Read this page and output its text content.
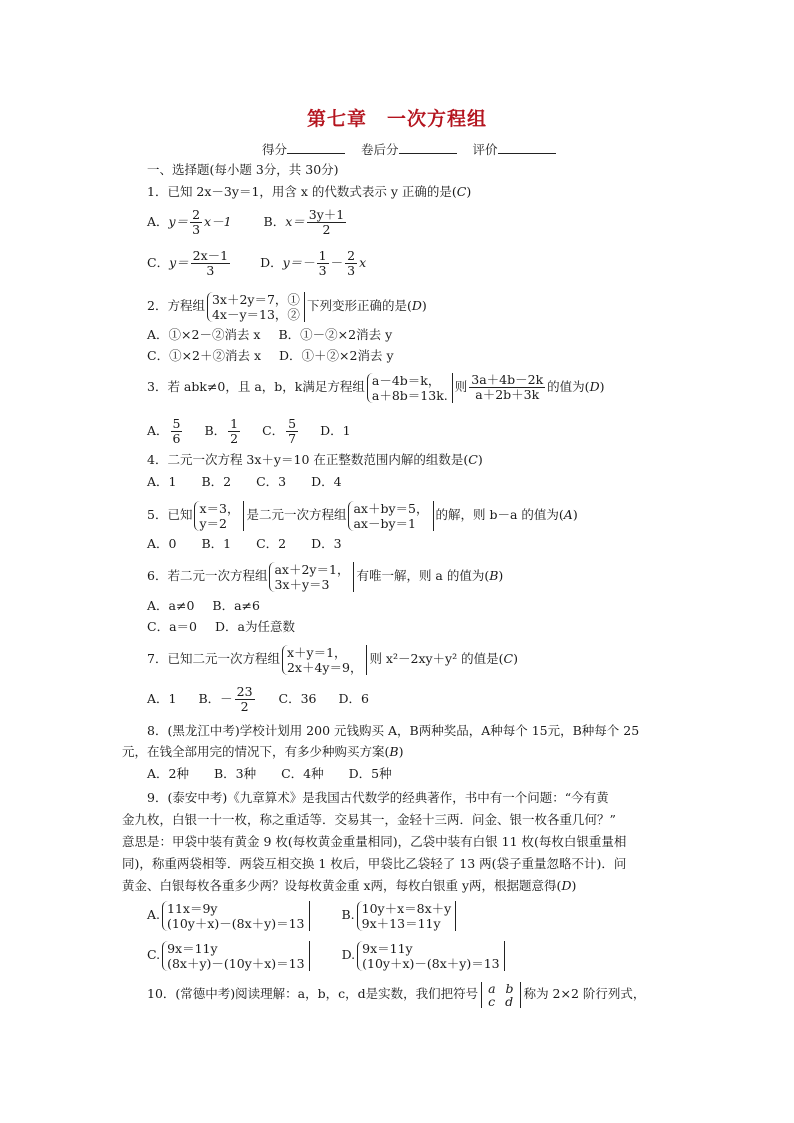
第七章 一次方程组
得分	卷后分	评价
一、选择题(每小题 3分，共 30分)
1．已知 2x－3y＝1，用含 x 的代数式表示 y 正确的是(C)
A．$y= \frac{2}{3} x-1$	B．$x= \frac{3y+1}{2}$
C．$y= \frac{2x-1}{3}$ D．$y=- \frac{1}{3} - \frac{2}{3}$ x
2．方程组 3x＋2y＝7，①
4x－y＝13，②
下列变形正确的是(D)
A．①×2－②消去 x B．①－②×2消去 y
C．①×2＋②消去 x D．①＋②×2消去 y
3．若 abk≠0，且 a，b，k满足方程组 a－4b＝k，
a＋8b＝13k.
则 $\frac{3a+4b-2k}{a+2b+3k}$ 的值为(D)
A． $\frac{5}{6}$ B． $\frac{1}{2}$ C． $\frac{5}{7}$ D．1
4．二元一次方程 3x＋y＝10 在正整数范围内解的组数是(C)
A．1　　B．2　　C．3　　D．4
5．已知 x＝3，
y＝2
是二元一次方程组 ax＋by＝5，
ax－by＝1
的解，则 b－a 的值为(A)
A．0　　B．1　　C．2　　D．3
6．若二元一次方程组 ax＋2y＝1，
3x＋y＝3
有唯一解，则 a 的值为(B)
A．a≠0 B．a≠6
C．a＝0 D．a为任意数
7．已知二元一次方程组 x＋y＝1，
2x＋4y＝9，
则 x²－2xy＋y² 的值是(C)
A．1 B．－ $\frac{23}{2}$ C．36 D．6
8．(黑龙江中考)学校计划用 200 元钱购买 A，B两种奖品，A种每个 15元，B种每个 25
元，在钱全部用完的情况下，有多少种购买方案(B)
A．2种　　B．3种　　C．4种　　D．5种
9．(泰安中考)《九章算术》是我国古代数学的经典著作，书中有一个问题：“今有黄
金九枚，白银一十一枚，称之重适等．交易其一，金轻十三两．问金、银一枚各重几何？”
意思是：甲袋中装有黄金 9 枚(每枚黄金重量相同)，乙袋中装有白银 11 枚(每枚白银重量相
同)，称重两袋相等．两袋互相交换 1 枚后，甲袋比乙袋轻了 13 两(袋子重量忽略不计)．问
黄金、白银每枚各重多少两？设每枚黄金重 x两，每枚白银重 y两，根据题意得(D)
A. 11x＝9y
(10y＋x)－(8x＋y)＝13
B. 10y＋x＝8x＋y
9x＋13＝11y
C. 9x＝11y
(8x＋y)－(10y＋x)＝13
D. 9x＝11y
(10y＋x)－(8x＋y)＝13
10．(常德中考)阅读理解：a，b，c，d是实数，我们把符号 a b
c d 称为 2×2 阶行列式，
